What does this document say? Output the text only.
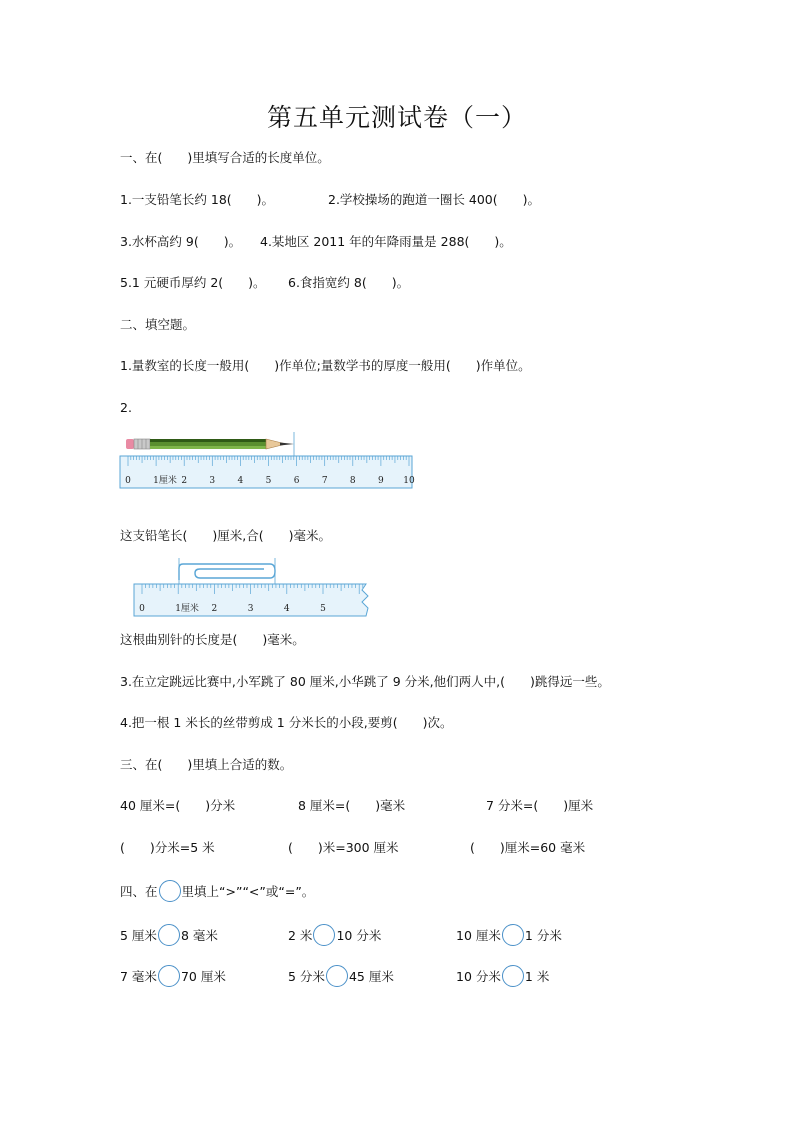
第五单元测试卷（一）
一、在(　　)里填写合适的长度单位。
1.一支铅笔长约 18(　　)。	2.学校操场的跑道一圈长 400(　　)。
3.水杯高约 9(　　)。 4.某地区 2011 年的年降雨量是 288(　　)。
5.1 元硬币厚约 2(　　)。 6.食指宽约 8(　　)。
二、填空题。
1.量教室的长度一般用(　　)作单位;量数学书的厚度一般用(　　)作单位。
2.
0 1厘米 2 3 4 5 6 7 8 9 10
这支铅笔长(　　)厘米,合(　　)毫米。
0	1厘米 2	3	4	5
这根曲别针的长度是(　　)毫米。
3.在立定跳远比赛中,小军跳了 80 厘米,小华跳了 9 分米,他们两人中,(　　)跳得远一些。
4.把一根 1 米长的丝带剪成 1 分米长的小段,要剪(　　)次。
三、在(　　)里填上合适的数。
40 厘米=(　　)分米	8 厘米=(　　)毫米	7 分米=(　　)厘米
(　　)分米=5 米	(　　)米=300 厘米	(　　)厘米=60 毫米
四、在 里填上“>”“<”或“=”。
5 厘米 8 毫米	2 米 10 分米	10 厘米 1 分米
7 毫米 70 厘米	5 分米 45 厘米	10 分米 1 米
